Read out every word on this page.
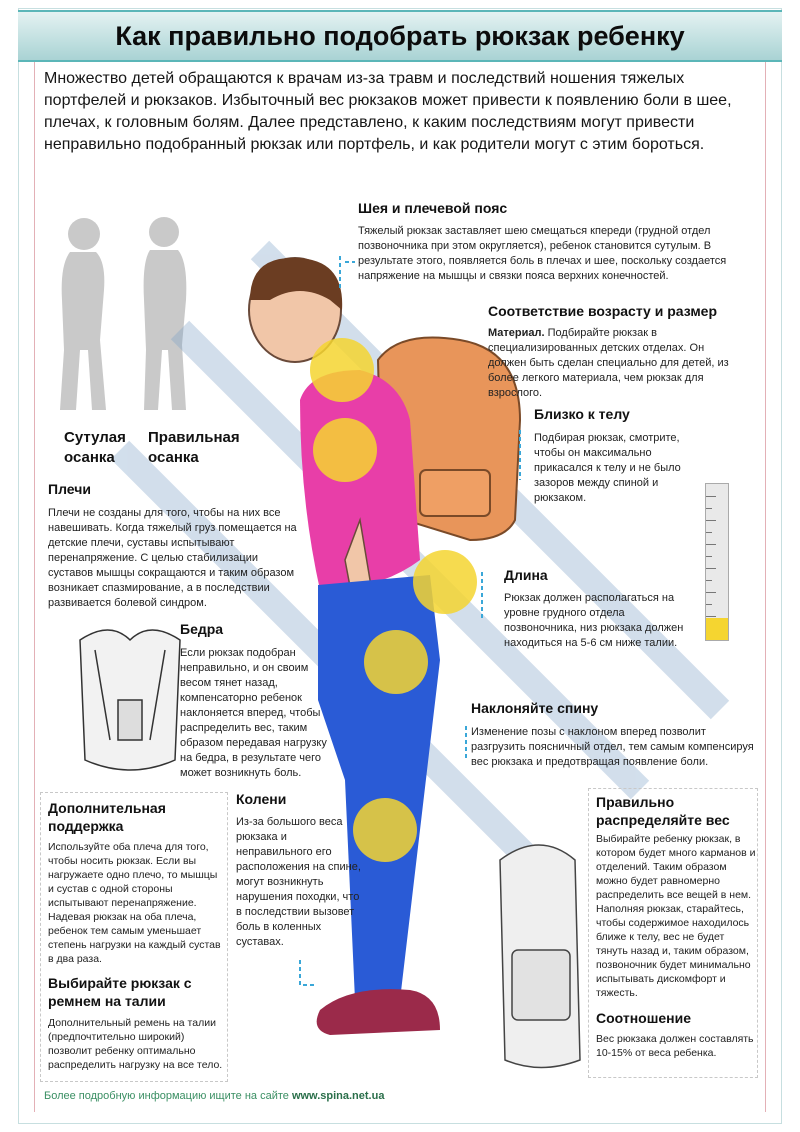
Как правильно подобрать рюкзак ребенку

Множество детей обращаются к врачам из-за травм и последствий ношения тяжелых портфелей и рюкзаков. Избыточный вес рюкзаков может привести к появлению боли в шее, плечах, к головным болям. Далее представлено, к каким последствиям могут привести неправильно подобранный рюкзак или портфель, и как родители могут с этим бороться.

Сутулая осанка
Правильная осанка
Шея и плечевой пояс
Тяжелый рюкзак заставляет шею смещаться кпереди (грудной отдел позвоночника при этом округляется), ребенок становится сутулым. В результате этого, появляется боль в плечах и шее, поскольку создается напряжение на мышцы и связки пояса верхних конечностей.
Соответствие возрасту и размер
Материал. Подбирайте рюкзак в специализированных детских отделах. Он должен быть сделан специально для детей, из более легкого материала, чем рюкзак для взрослого.
Близко к телу
Подбирая рюкзак, смотрите, чтобы он максимально прикасался к телу и не было зазоров между спиной и рюкзаком.
Длина
Рюкзак должен располагаться на уровне грудного отдела позвоночника, низ рюкзака должен находиться на 5-6 см ниже талии.
Наклоняйте спину
Изменение позы с наклоном вперед позволит разгрузить поясничный отдел, тем самым компенсируя вес рюкзака и предотвращая появление боли.
Плечи
Плечи не созданы для того, чтобы на них все навешивать. Когда тяжелый груз помещается на детские плечи, суставы испытывают перенапряжение. С целью стабилизации суставов мышцы сокращаются и таким образом возникает спазмирование, а в последствии развивается болевой синдром.
Бедра
Если рюкзак подобран неправильно, и он своим весом тянет назад, компенсаторно ребенок наклоняется вперед, чтобы распределить вес, таким образом передавая нагрузку на бедра, в результате чего может возникнуть боль.
Колени
Из-за большого веса рюкзака и неправильного его расположения на спине, могут возникнуть нарушения походки, что в последствии вызовет боль в коленных суставах.
Дополнительная поддержка
Используйте оба плеча для того, чтобы носить рюкзак. Если вы нагружаете одно плечо, то мышцы и сустав с одной стороны испытывают перенапряжение. Надевая рюкзак на оба плеча, ребенок тем самым уменьшает степень нагрузки на каждый сустав в два раза.
Выбирайте рюкзак с ремнем на талии
Дополнительный ремень на талии (предпочтительно широкий) позволит ребенку оптимально распределить нагрузку на все тело.
Правильно распределяйте вес
Выбирайте ребенку рюкзак, в котором будет много карманов и отделений. Таким образом можно будет равномерно распределить все вещей в нем. Наполняя рюкзак, старайтесь, чтобы содержимое находилось ближе к телу, вес не будет тянуть назад и, таким образом, позвоночник будет минимально испытывать дискомфорт и тяжесть.
Соотношение
Вес рюкзака должен составлять 10-15% от веса ребенка.
Более подробную информацию ищите на сайте www.spina.net.ua
